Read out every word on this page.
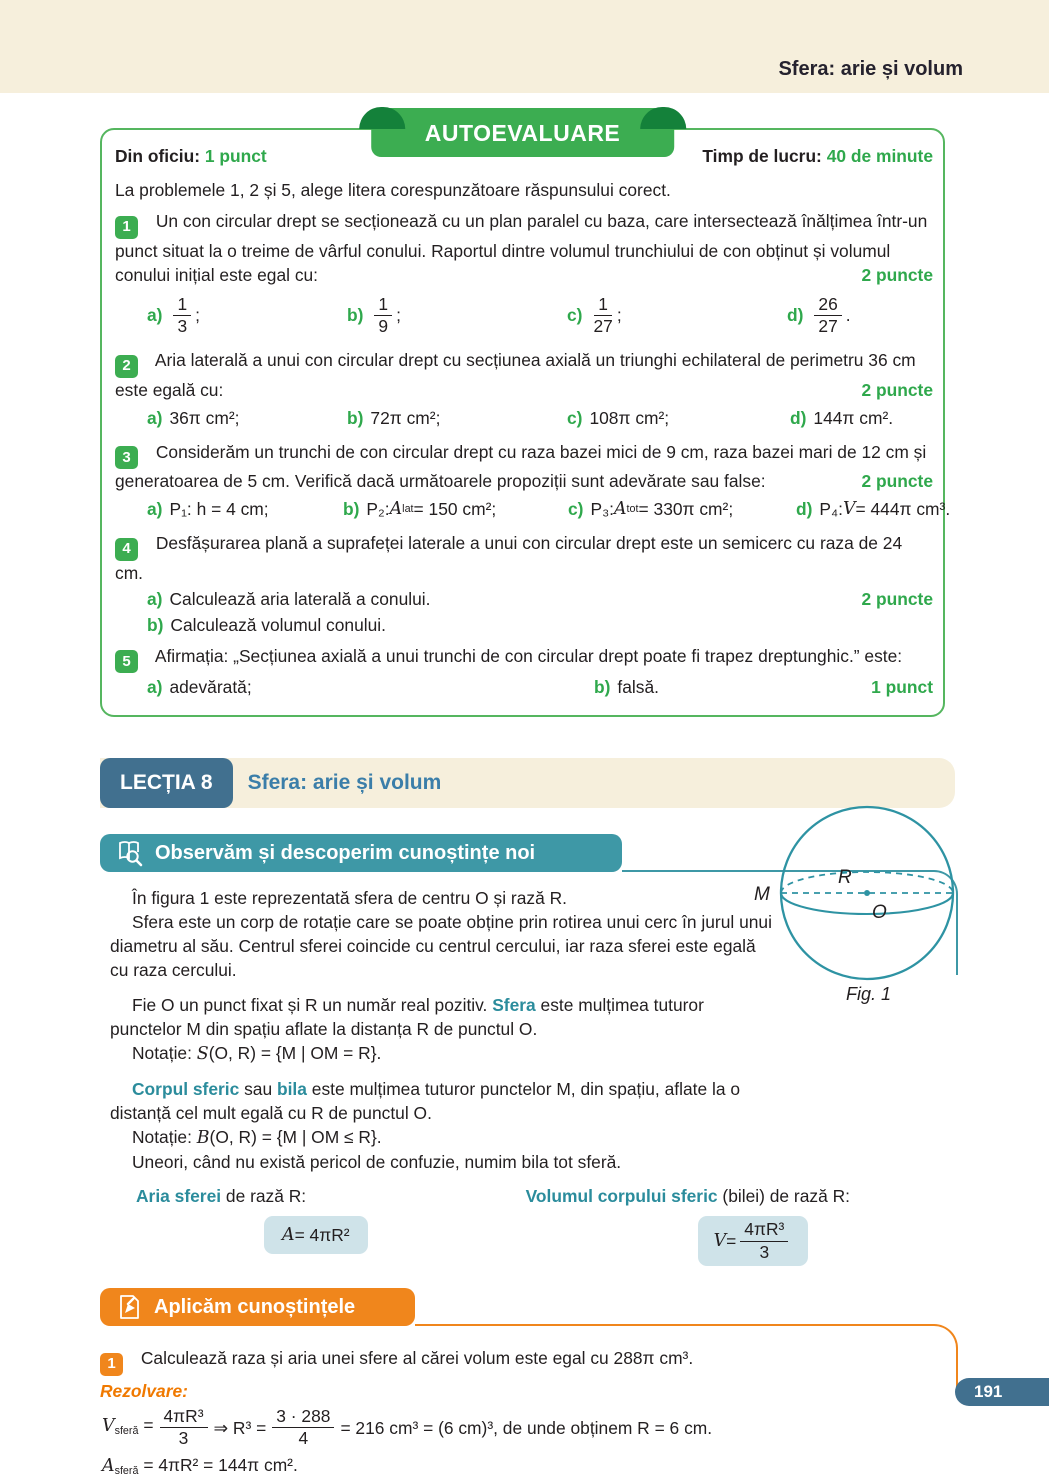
Sfera: arie și volum
AUTOEVALUARE
Din oficiu: 1 punct	Timp de lucru: 40 de minute

La problemele 1, 2 și 5, alege litera corespunzătoare răspunsului corect.

1 Un con circular drept se secționează cu un plan paralel cu baza, care intersectează înălțimea într-un punct situat la o treime de vârful conului. Raportul dintre volumul trunchiului de con obținut și volumul conului inițial este egal cu:	2 puncte

$a) \frac{1}{3}$ ;	$b) \frac{1}{9}$ ;	$c) \frac{1}{27}$ ;	$d) \frac{26}{27}$ .

2 Aria laterală a unui con circular drept cu secțiunea axială un triunghi echilateral de perimetru 36 cm este egală cu:	2 puncte

a) 36π cm²;	b) 72π cm²;	c) 108π cm²;	d) 144π cm².

3 Considerăm un trunchi de con circular drept cu raza bazei mici de 9 cm, raza bazei mari de 12 cm și generatoarea de 5 cm. Verifică dacă următoarele propoziții sunt adevărate sau false:	2 puncte

a) P₁: h = 4 cm;	b) P₂: A lat = 150 cm²;	c) P₃: A tot = 330π cm²;	d) P₄: V = 444π cm³.

4 Desfășurarea plană a suprafeței laterale a unui con circular drept este un semicerc cu raza de 24 cm.

a) Calculează aria laterală a conului.	2 puncte
b) Calculează volumul conului.

5 Afirmația: „Secțiunea axială a unui trunchi de con circular drept poate fi trapez dreptunghic.” este:

a) adevărată;	b) falsă.	1 punct
LECȚIA 8	Sfera: arie și volum
Observăm și descoperim cunoștințe noi

În figura 1 este reprezentată sfera de centru O și rază R.

Sfera este un corp de rotație care se poate obține prin rotirea unui cerc în jurul unui diametru al său. Centrul sferei coincide cu centrul cercului, iar raza sferei este egală cu raza cercului.

Fie O un punct fixat și R un număr real pozitiv. Sfera este mulțimea tuturor punctelor M din spațiu aflate la distanța R de punctul O.

Notație: S(O, R) = {M | OM = R}.

Corpul sferic sau bila este mulțimea tuturor punctelor M, din spațiu, aflate la o distanță cel mult egală cu R de punctul O.

Notație: B(O, R) = {M | OM ≤ R}.

Uneori, când nu există pericol de confuzie, numim bila tot sferă.

Aria sferei de rază R:	Volumul corpului sferic (bilei) de rază R:
A = 4πR²	$V = \frac{\text{4πR³}}{3}$
M
R
O
Fig. 1
Aplicăm cunoștințele

1 Calculează raza și aria unei sfere al cărei volum este egal cu 288π cm³.

Rezolvare:

$V_{sferă} = \frac{\text{4πR³}}{3}$ ⇒ $R^3 = \frac{3 \cdot 288}{4} = 216$ cm³ = (6 cm)³, de unde obținem R = 6 cm.
$A_{sferă} = 4\pi R^2 = 144\pi$ cm².
191
